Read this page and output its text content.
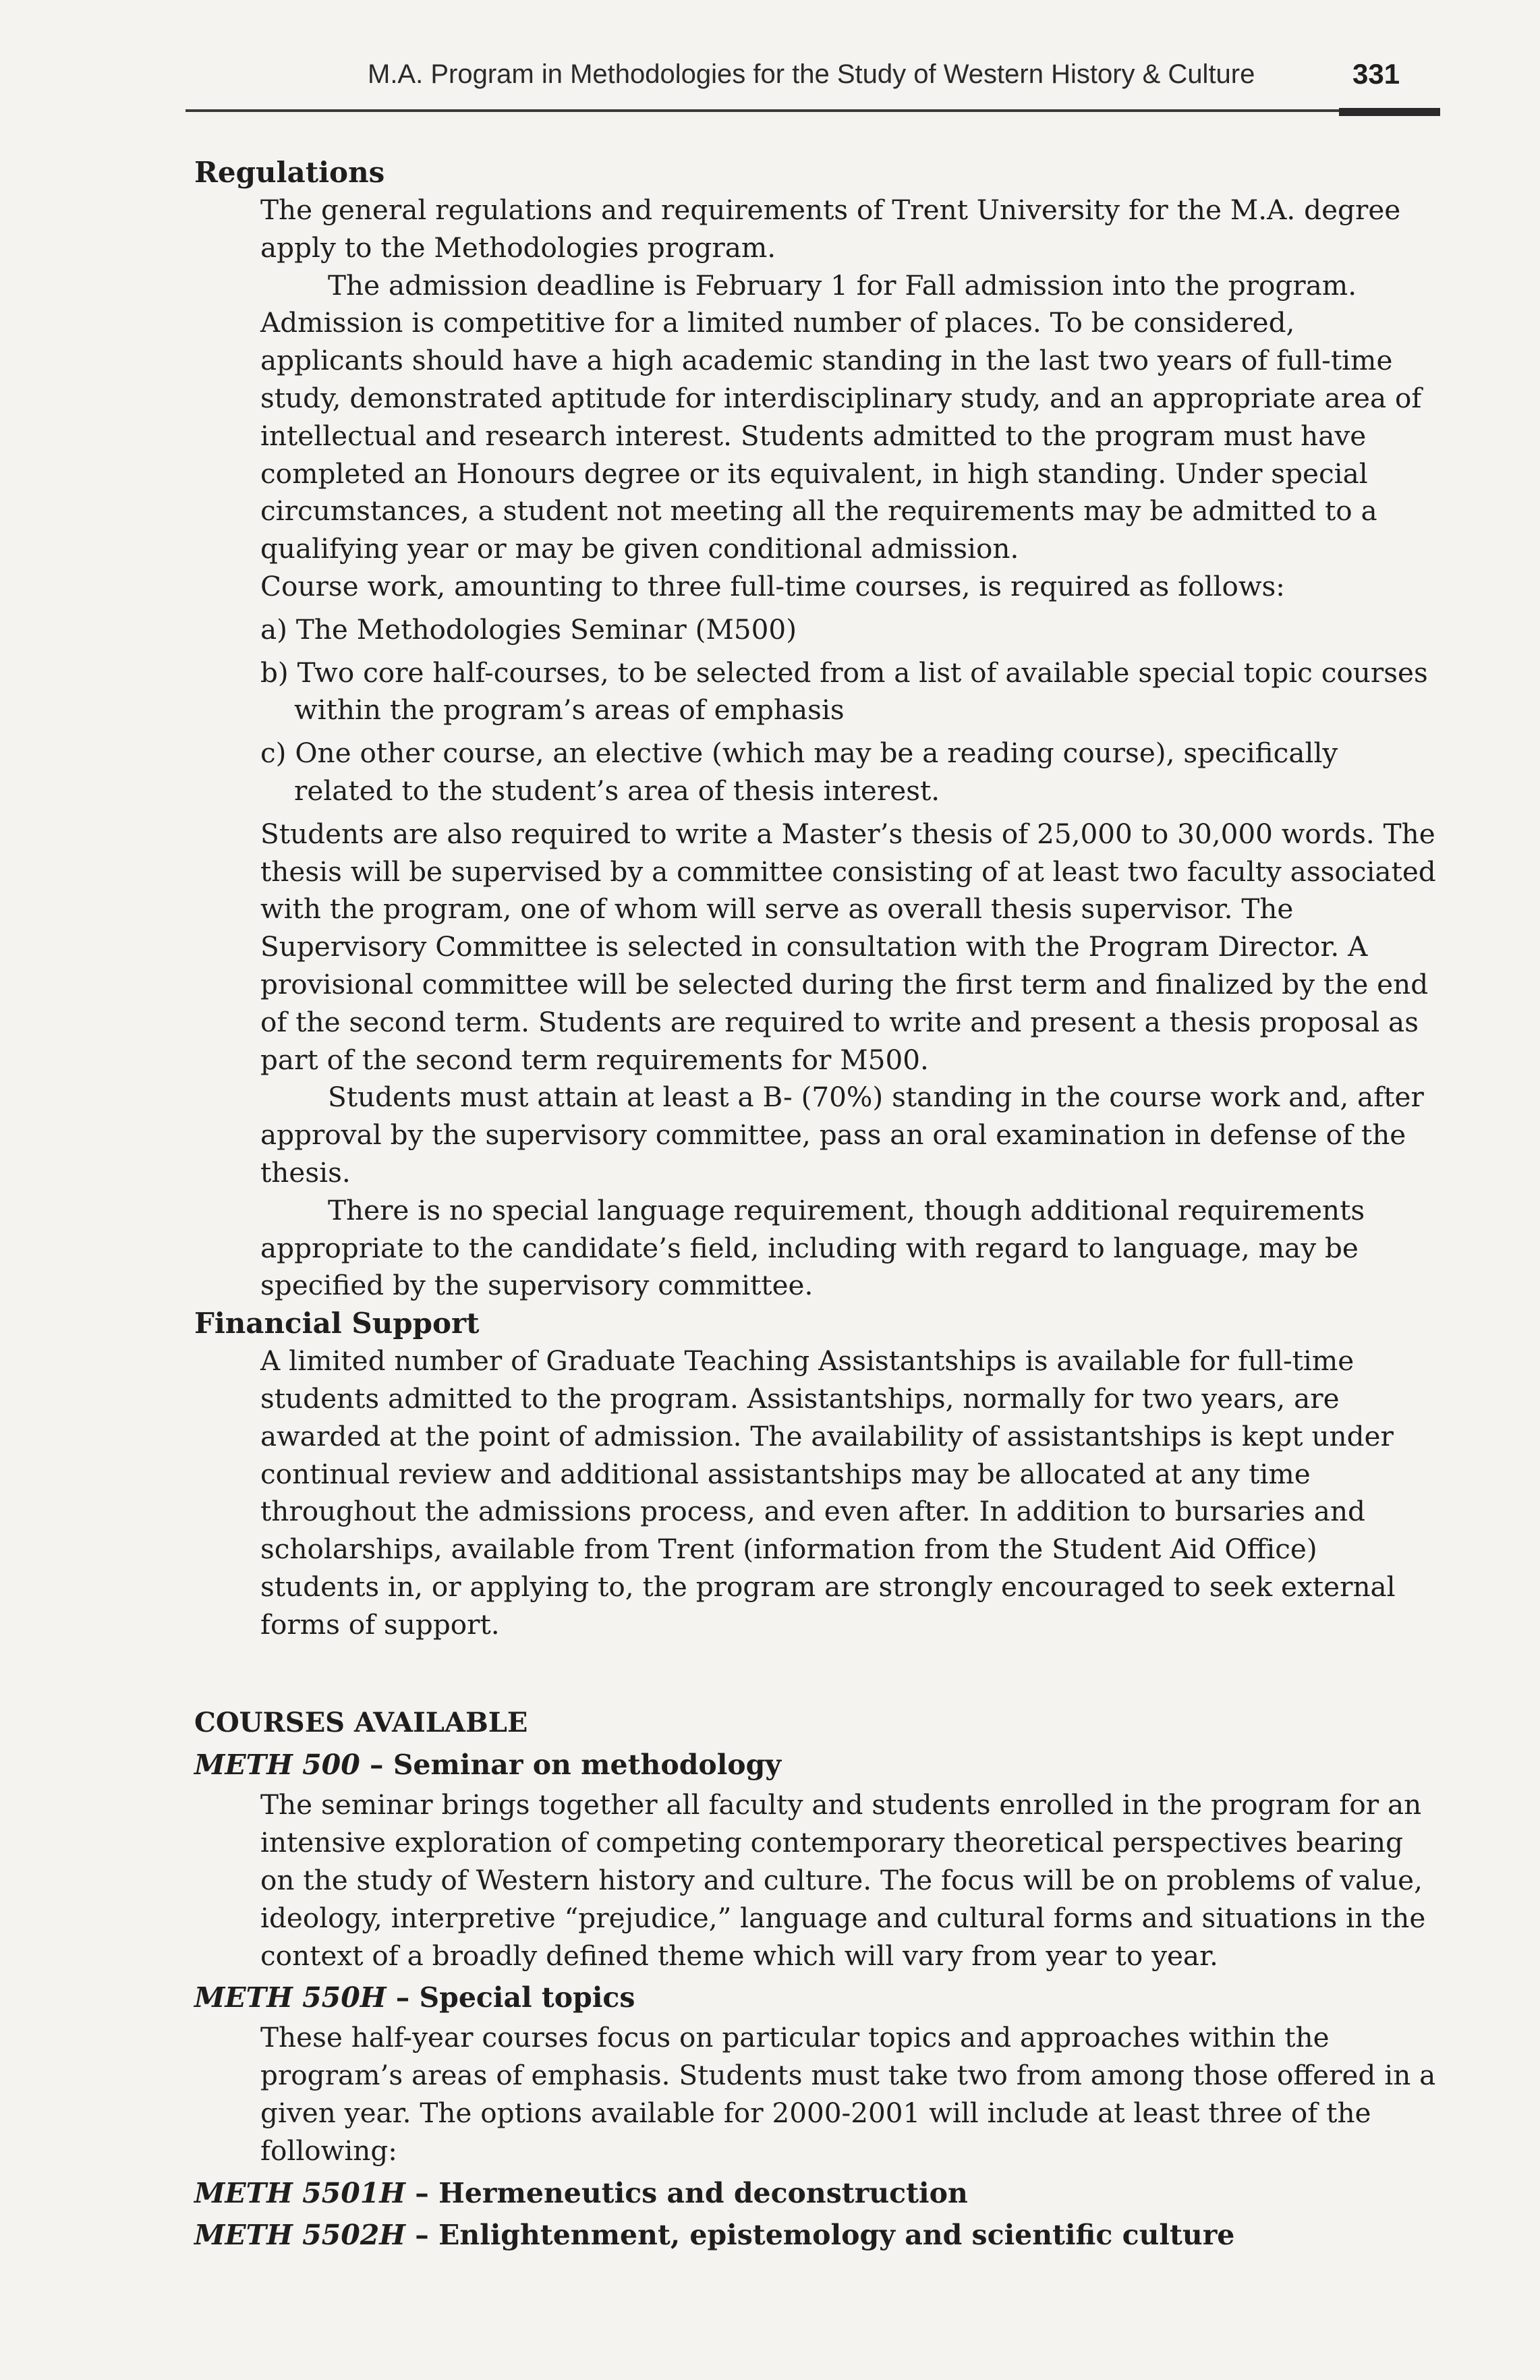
M.A. Program in Methodologies for the Study of Western History & Culture	331
Regulations

The general regulations and requirements of Trent University for the M.A. degree apply to the Methodologies program.

The admission deadline is February 1 for Fall admission into the program. Admission is competitive for a limited number of places. To be considered, applicants should have a high academic standing in the last two years of full-time study, demonstrated aptitude for interdisciplinary study, and an appropriate area of intellectual and research interest. Students admitted to the program must have completed an Honours degree or its equivalent, in high standing. Under special circumstances, a student not meeting all the requirements may be admitted to a qualifying year or may be given conditional admission.

Course work, amounting to three full-time courses, is required as follows:

a) The Methodologies Seminar (M500)
b) Two core half-courses, to be selected from a list of available special topic courses within the program’s areas of emphasis
c) One other course, an elective (which may be a reading course), specifically related to the student’s area of thesis interest.

Students are also required to write a Master’s thesis of 25,000 to 30,000 words. The thesis will be supervised by a committee consisting of at least two faculty associated with the program, one of whom will serve as overall thesis supervisor. The Supervisory Committee is selected in consultation with the Program Director. A provisional committee will be selected during the first term and finalized by the end of the second term. Students are required to write and present a thesis proposal as part of the second term requirements for M500.

Students must attain at least a B- (70%) standing in the course work and, after approval by the supervisory committee, pass an oral examination in defense of the thesis.

There is no special language requirement, though additional requirements appropriate to the candidate’s field, including with regard to language, may be specified by the supervisory committee.

Financial Support

A limited number of Graduate Teaching Assistantships is available for full-time students admitted to the program. Assistantships, normally for two years, are awarded at the point of admission. The availability of assistantships is kept under continual review and additional assistantships may be allocated at any time throughout the admissions process, and even after. In addition to bursaries and scholarships, available from Trent (information from the Student Aid Office) students in, or applying to, the program are strongly encouraged to seek external forms of support.

COURSES AVAILABLE
METH 500 – Seminar on methodology

The seminar brings together all faculty and students enrolled in the program for an intensive exploration of competing contemporary theoretical perspectives bearing on the study of Western history and culture. The focus will be on problems of value, ideology, interpretive “prejudice,” language and cultural forms and situations in the context of a broadly defined theme which will vary from year to year.

METH 550H – Special topics

These half-year courses focus on particular topics and approaches within the program’s areas of emphasis. Students must take two from among those offered in a given year. The options available for 2000-2001 will include at least three of the following:

METH 5501H – Hermeneutics and deconstruction
METH 5502H – Enlightenment, epistemology and scientific culture
